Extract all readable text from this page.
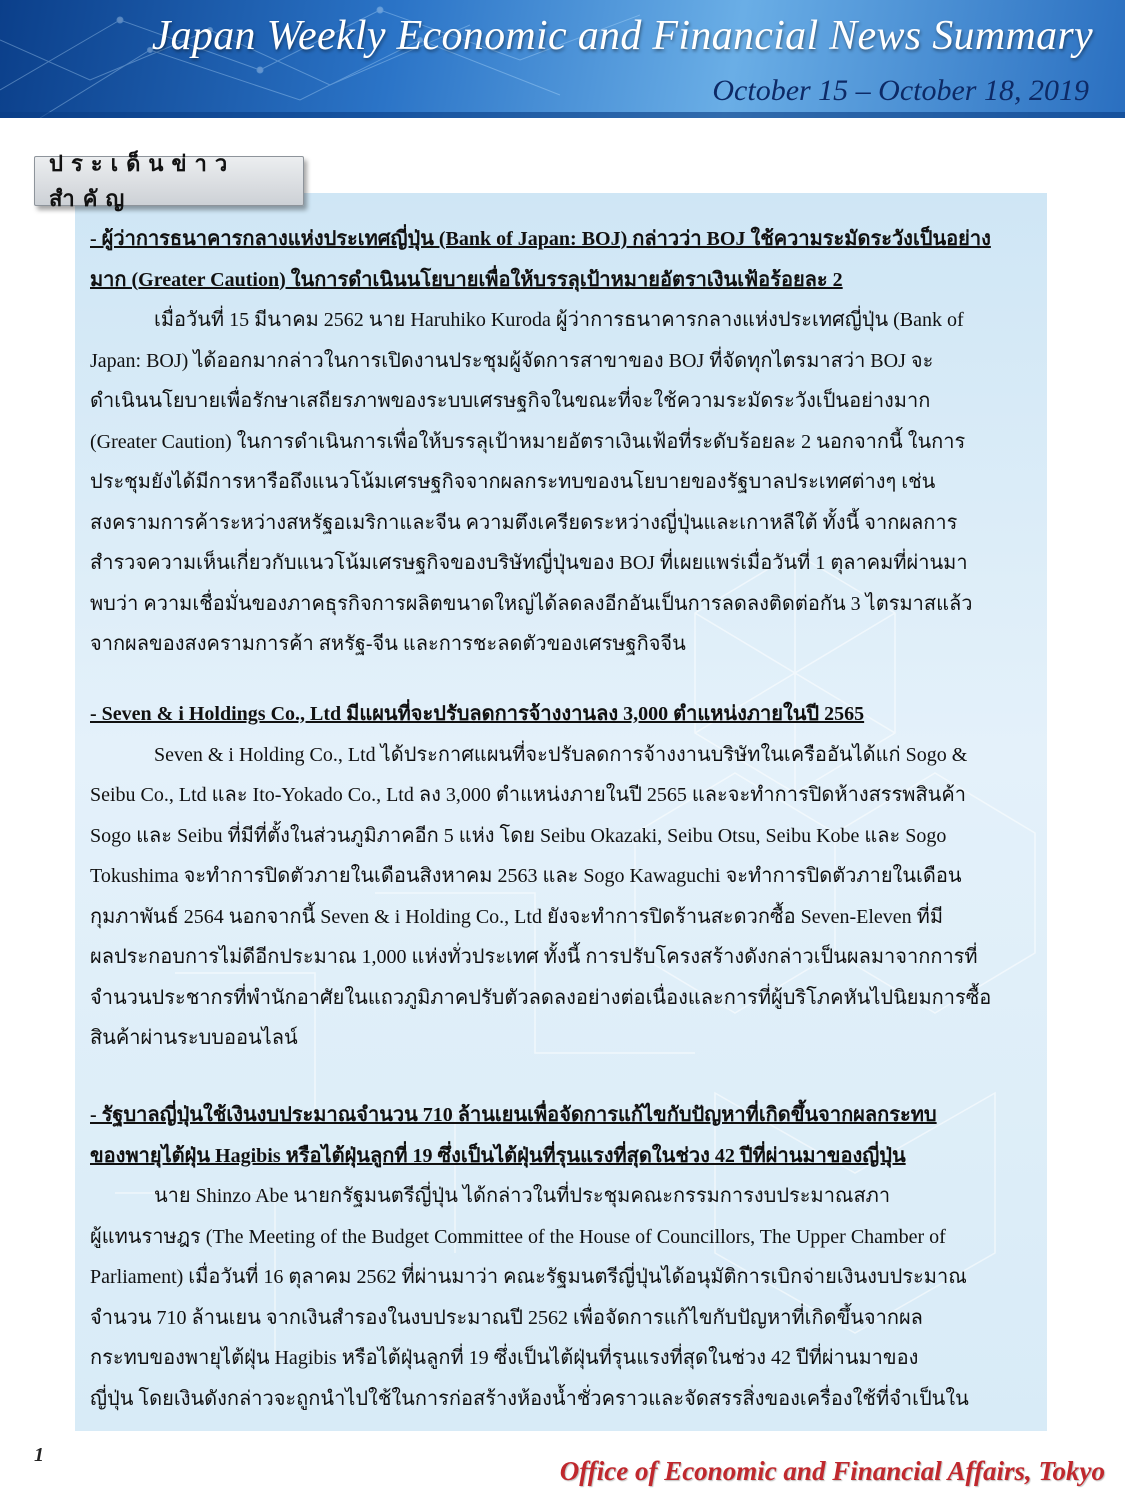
Japan Weekly Economic and Financial News Summary
October 15 – October 18, 2019
ประเด็นข่าวสำคัญ
- ผู้ว่าการธนาคารกลางแห่งประเทศญี่ปุ่น (Bank of Japan: BOJ) กล่าวว่า BOJ ใช้ความระมัดระวังเป็นอย่าง
มาก (Greater Caution) ในการดำเนินนโยบายเพื่อให้บรรลุเป้าหมายอัตราเงินเฟ้อร้อยละ 2
เมื่อวันที่ 15 มีนาคม 2562 นาย Haruhiko Kuroda ผู้ว่าการธนาคารกลางแห่งประเทศญี่ปุ่น (Bank of
Japan: BOJ) ได้ออกมากล่าวในการเปิดงานประชุมผู้จัดการสาขาของ BOJ ที่จัดทุกไตรมาสว่า BOJ จะ
ดำเนินนโยบายเพื่อรักษาเสถียรภาพของระบบเศรษฐกิจในขณะที่จะใช้ความระมัดระวังเป็นอย่างมาก
(Greater Caution) ในการดำเนินการเพื่อให้บรรลุเป้าหมายอัตราเงินเฟ้อที่ระดับร้อยละ 2 นอกจากนี้ ในการ
ประชุมยังได้มีการหารือถึงแนวโน้มเศรษฐกิจจากผลกระทบของนโยบายของรัฐบาลประเทศต่างๆ เช่น
สงครามการค้าระหว่างสหรัฐอเมริกาและจีน ความตึงเครียดระหว่างญี่ปุ่นและเกาหลีใต้ ทั้งนี้ จากผลการ
สำรวจความเห็นเกี่ยวกับแนวโน้มเศรษฐกิจของบริษัทญี่ปุ่นของ BOJ ที่เผยแพร่เมื่อวันที่ 1 ตุลาคมที่ผ่านมา
พบว่า ความเชื่อมั่นของภาคธุรกิจการผลิตขนาดใหญ่ได้ลดลงอีกอันเป็นการลดลงติดต่อกัน 3 ไตรมาสแล้ว
จากผลของสงครามการค้า สหรัฐ-จีน และการชะลดตัวของเศรษฐกิจจีน
- Seven & i Holdings Co., Ltd มีแผนที่จะปรับลดการจ้างงานลง 3,000 ตำแหน่งภายในปี 2565
Seven & i Holding Co., Ltd ได้ประกาศแผนที่จะปรับลดการจ้างงานบริษัทในเครืออันได้แก่ Sogo &
Seibu Co., Ltd และ Ito-Yokado Co., Ltd ลง 3,000 ตำแหน่งภายในปี 2565 และจะทำการปิดห้างสรรพสินค้า
Sogo และ Seibu ที่มีที่ตั้งในส่วนภูมิภาคอีก 5 แห่ง โดย Seibu Okazaki, Seibu Otsu, Seibu Kobe และ Sogo
Tokushima จะทำการปิดตัวภายในเดือนสิงหาคม 2563 และ Sogo Kawaguchi จะทำการปิดตัวภายในเดือน
กุมภาพันธ์ 2564 นอกจากนี้ Seven & i Holding Co., Ltd ยังจะทำการปิดร้านสะดวกซื้อ Seven-Eleven ที่มี
ผลประกอบการไม่ดีอีกประมาณ 1,000 แห่งทั่วประเทศ ทั้งนี้ การปรับโครงสร้างดังกล่าวเป็นผลมาจากการที่
จำนวนประชากรที่พำนักอาศัยในแถวภูมิภาคปรับตัวลดลงอย่างต่อเนื่องและการที่ผู้บริโภคหันไปนิยมการซื้อ
สินค้าผ่านระบบออนไลน์
- รัฐบาลญี่ปุ่นใช้เงินงบประมาณจำนวน 710 ล้านเยนเพื่อจัดการแก้ไขกับปัญหาที่เกิดขึ้นจากผลกระทบ
ของพายุไต้ฝุ่น Hagibis หรือไต้ฝุ่นลูกที่ 19 ซึ่งเป็นไต้ฝุ่นที่รุนแรงที่สุดในช่วง 42 ปีที่ผ่านมาของญี่ปุ่น
นาย Shinzo Abe นายกรัฐมนตรีญี่ปุ่น ได้กล่าวในที่ประชุมคณะกรรมการงบประมาณสภา
ผู้แทนราษฎร (The Meeting of the Budget Committee of the House of Councillors, The Upper Chamber of
Parliament) เมื่อวันที่ 16 ตุลาคม 2562 ที่ผ่านมาว่า คณะรัฐมนตรีญี่ปุ่นได้อนุมัติการเบิกจ่ายเงินงบประมาณ
จำนวน 710 ล้านเยน จากเงินสำรองในงบประมาณปี 2562 เพื่อจัดการแก้ไขกับปัญหาที่เกิดขึ้นจากผล
กระทบของพายุไต้ฝุ่น Hagibis หรือไต้ฝุ่นลูกที่ 19 ซึ่งเป็นไต้ฝุ่นที่รุนแรงที่สุดในช่วง 42 ปีที่ผ่านมาของ
ญี่ปุ่น โดยเงินดังกล่าวจะถูกนำไปใช้ในการก่อสร้างห้องน้ำชั่วคราวและจัดสรรสิ่งของเครื่องใช้ที่จำเป็นใน
1
Office of Economic and Financial Affairs, Tokyo
